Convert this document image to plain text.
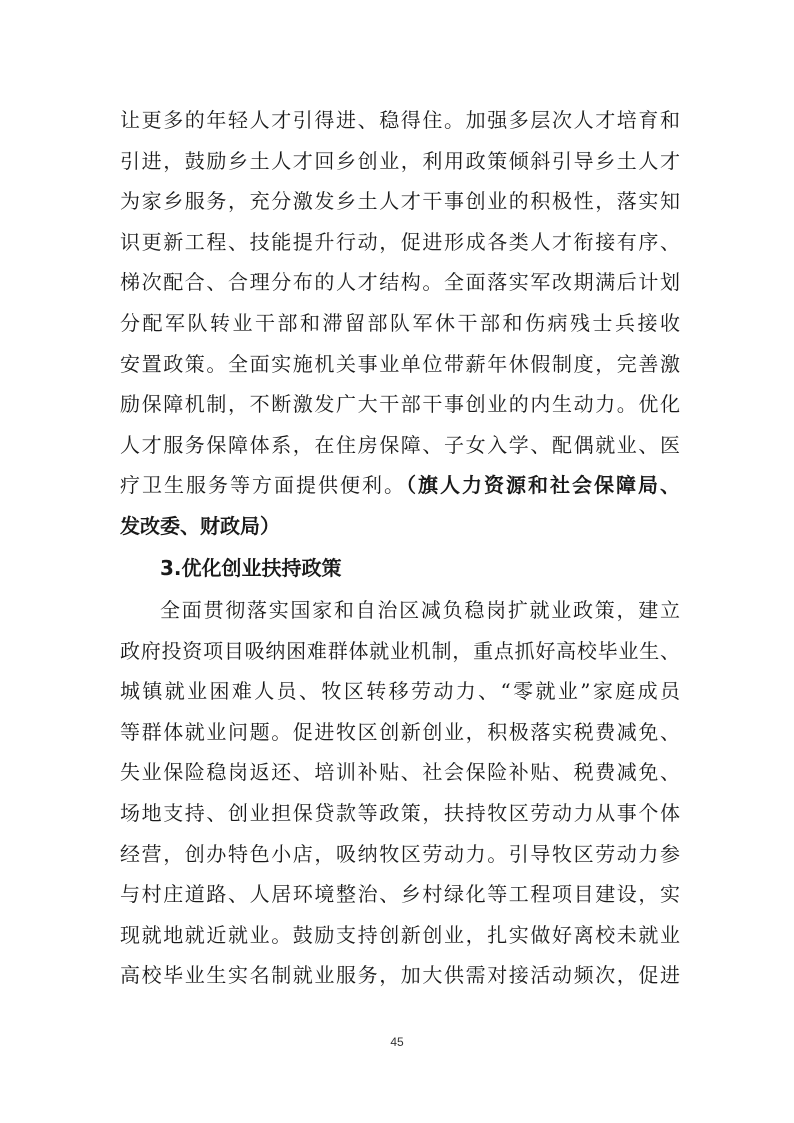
让更多的年轻人才引得进、稳得住。加强多层次人才培育和
引进，鼓励乡土人才回乡创业，利用政策倾斜引导乡土人才
为家乡服务，充分激发乡土人才干事创业的积极性，落实知
识更新工程、技能提升行动，促进形成各类人才衔接有序、
梯次配合、合理分布的人才结构。全面落实军改期满后计划
分配军队转业干部和滞留部队军休干部和伤病残士兵接收
安置政策。全面实施机关事业单位带薪年休假制度，完善激
励保障机制，不断激发广大干部干事创业的内生动力。优化
人才服务保障体系，在住房保障、子女入学、配偶就业、医
疗卫生服务等方面提供便利。（旗人力资源和社会保障局、
发改委、财政局）
3.优化创业扶持政策
全面贯彻落实国家和自治区减负稳岗扩就业政策，建立
政府投资项目吸纳困难群体就业机制，重点抓好高校毕业生、
城镇就业困难人员、牧区转移劳动力、“零就业”家庭成员
等群体就业问题。促进牧区创新创业，积极落实税费减免、
失业保险稳岗返还、培训补贴、社会保险补贴、税费减免、
场地支持、创业担保贷款等政策，扶持牧区劳动力从事个体
经营，创办特色小店，吸纳牧区劳动力。引导牧区劳动力参
与村庄道路、人居环境整治、乡村绿化等工程项目建设，实
现就地就近就业。鼓励支持创新创业，扎实做好离校未就业
高校毕业生实名制就业服务，加大供需对接活动频次，促进
45
